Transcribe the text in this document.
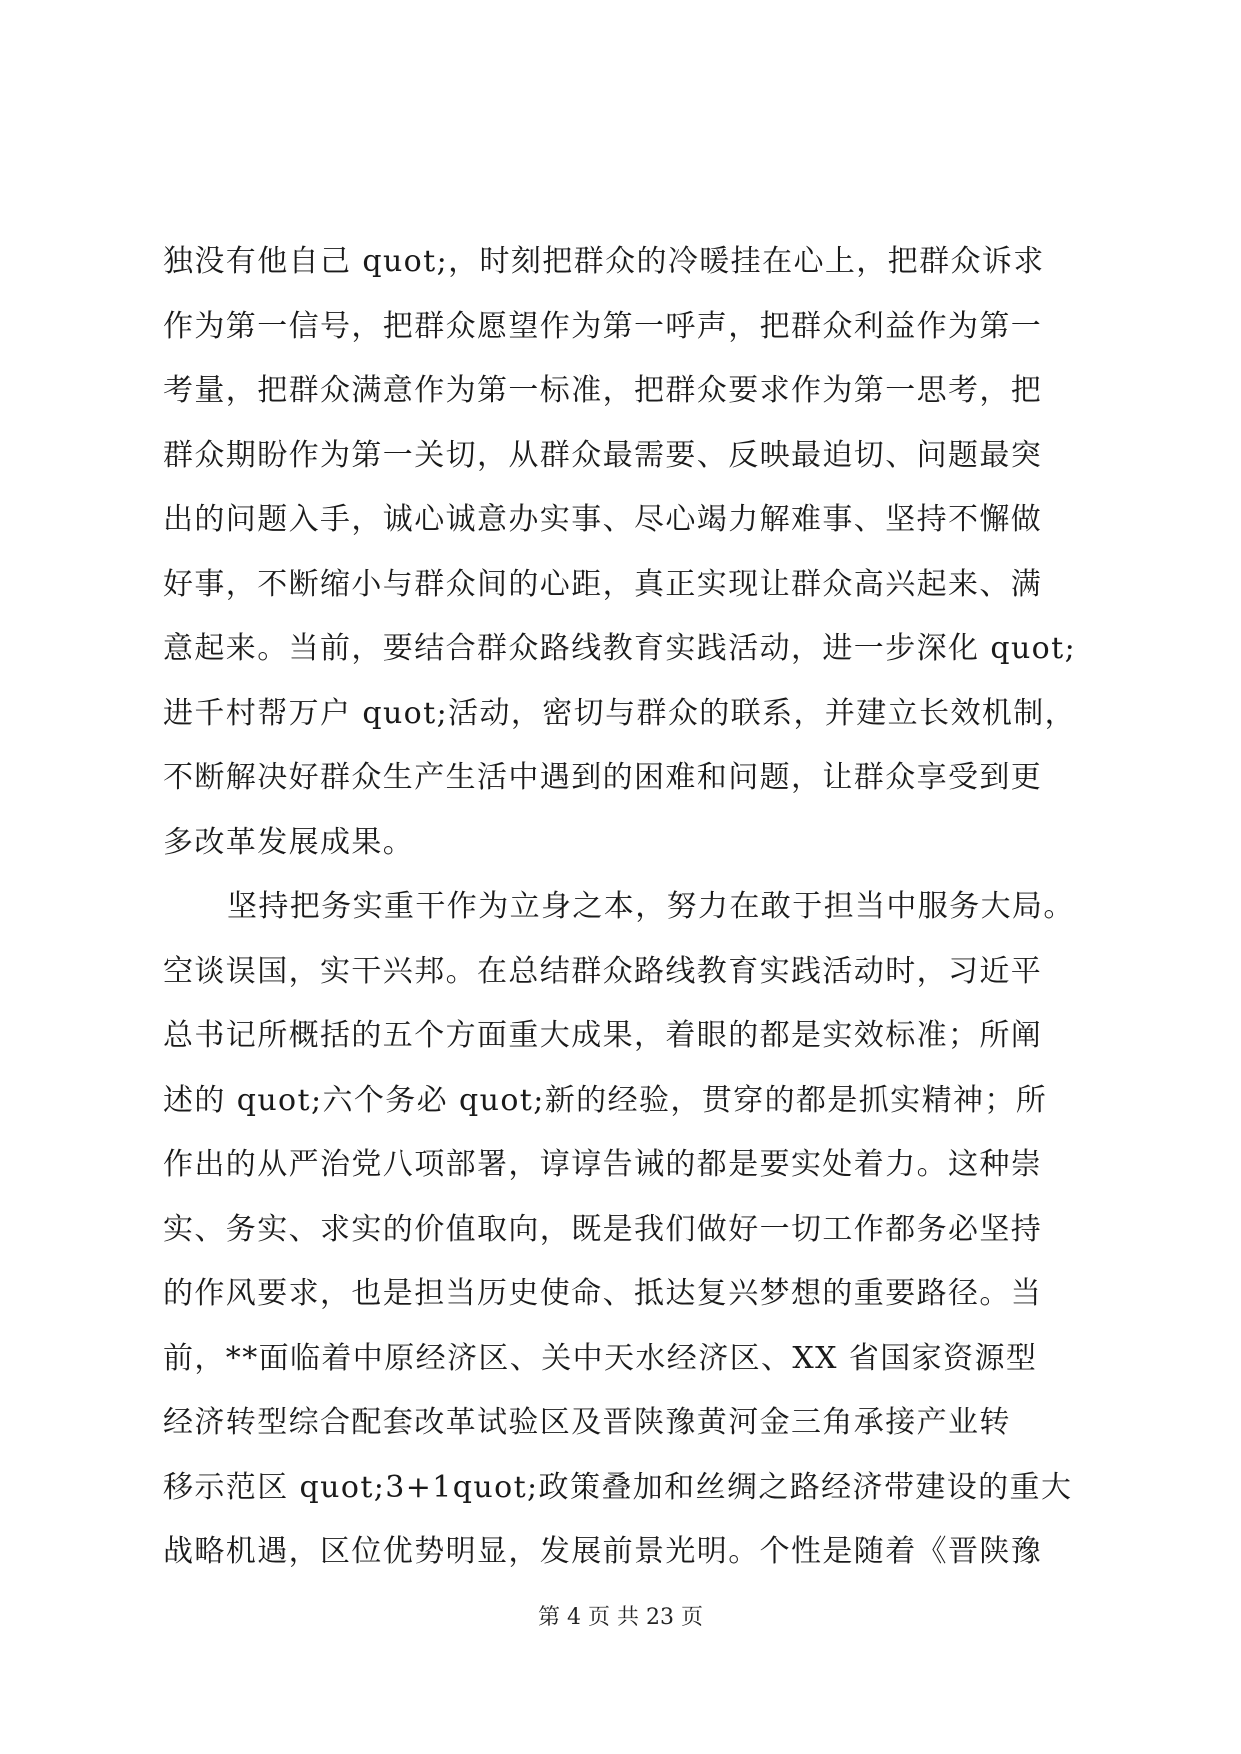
独没有他自己 quot;，时刻把群众的冷暖挂在心上，把群众诉求
作为第一信号，把群众愿望作为第一呼声，把群众利益作为第一
考量，把群众满意作为第一标准，把群众要求作为第一思考，把
群众期盼作为第一关切，从群众最需要、反映最迫切、问题最突
出的问题入手，诚心诚意办实事、尽心竭力解难事、坚持不懈做
好事，不断缩小与群众间的心距，真正实现让群众高兴起来、满
意起来。当前，要结合群众路线教育实践活动，进一步深化 quot;
进千村帮万户 quot;活动，密切与群众的联系，并建立长效机制，
不断解决好群众生产生活中遇到的困难和问题，让群众享受到更
多改革发展成果。
坚持把务实重干作为立身之本，努力在敢于担当中服务大局。
空谈误国，实干兴邦。在总结群众路线教育实践活动时，习近平
总书记所概括的五个方面重大成果，着眼的都是实效标准；所阐
述的 quot;六个务必 quot;新的经验，贯穿的都是抓实精神；所
作出的从严治党八项部署，谆谆告诫的都是要实处着力。这种崇
实、务实、求实的价值取向，既是我们做好一切工作都务必坚持
的作风要求，也是担当历史使命、抵达复兴梦想的重要路径。当
前，**面临着中原经济区、关中天水经济区、XX 省国家资源型
经济转型综合配套改革试验区及晋陕豫黄河金三角承接产业转
移示范区 quot;3+1quot;政策叠加和丝绸之路经济带建设的重大
战略机遇，区位优势明显，发展前景光明。个性是随着《晋陕豫
第 4 页 共 23 页
